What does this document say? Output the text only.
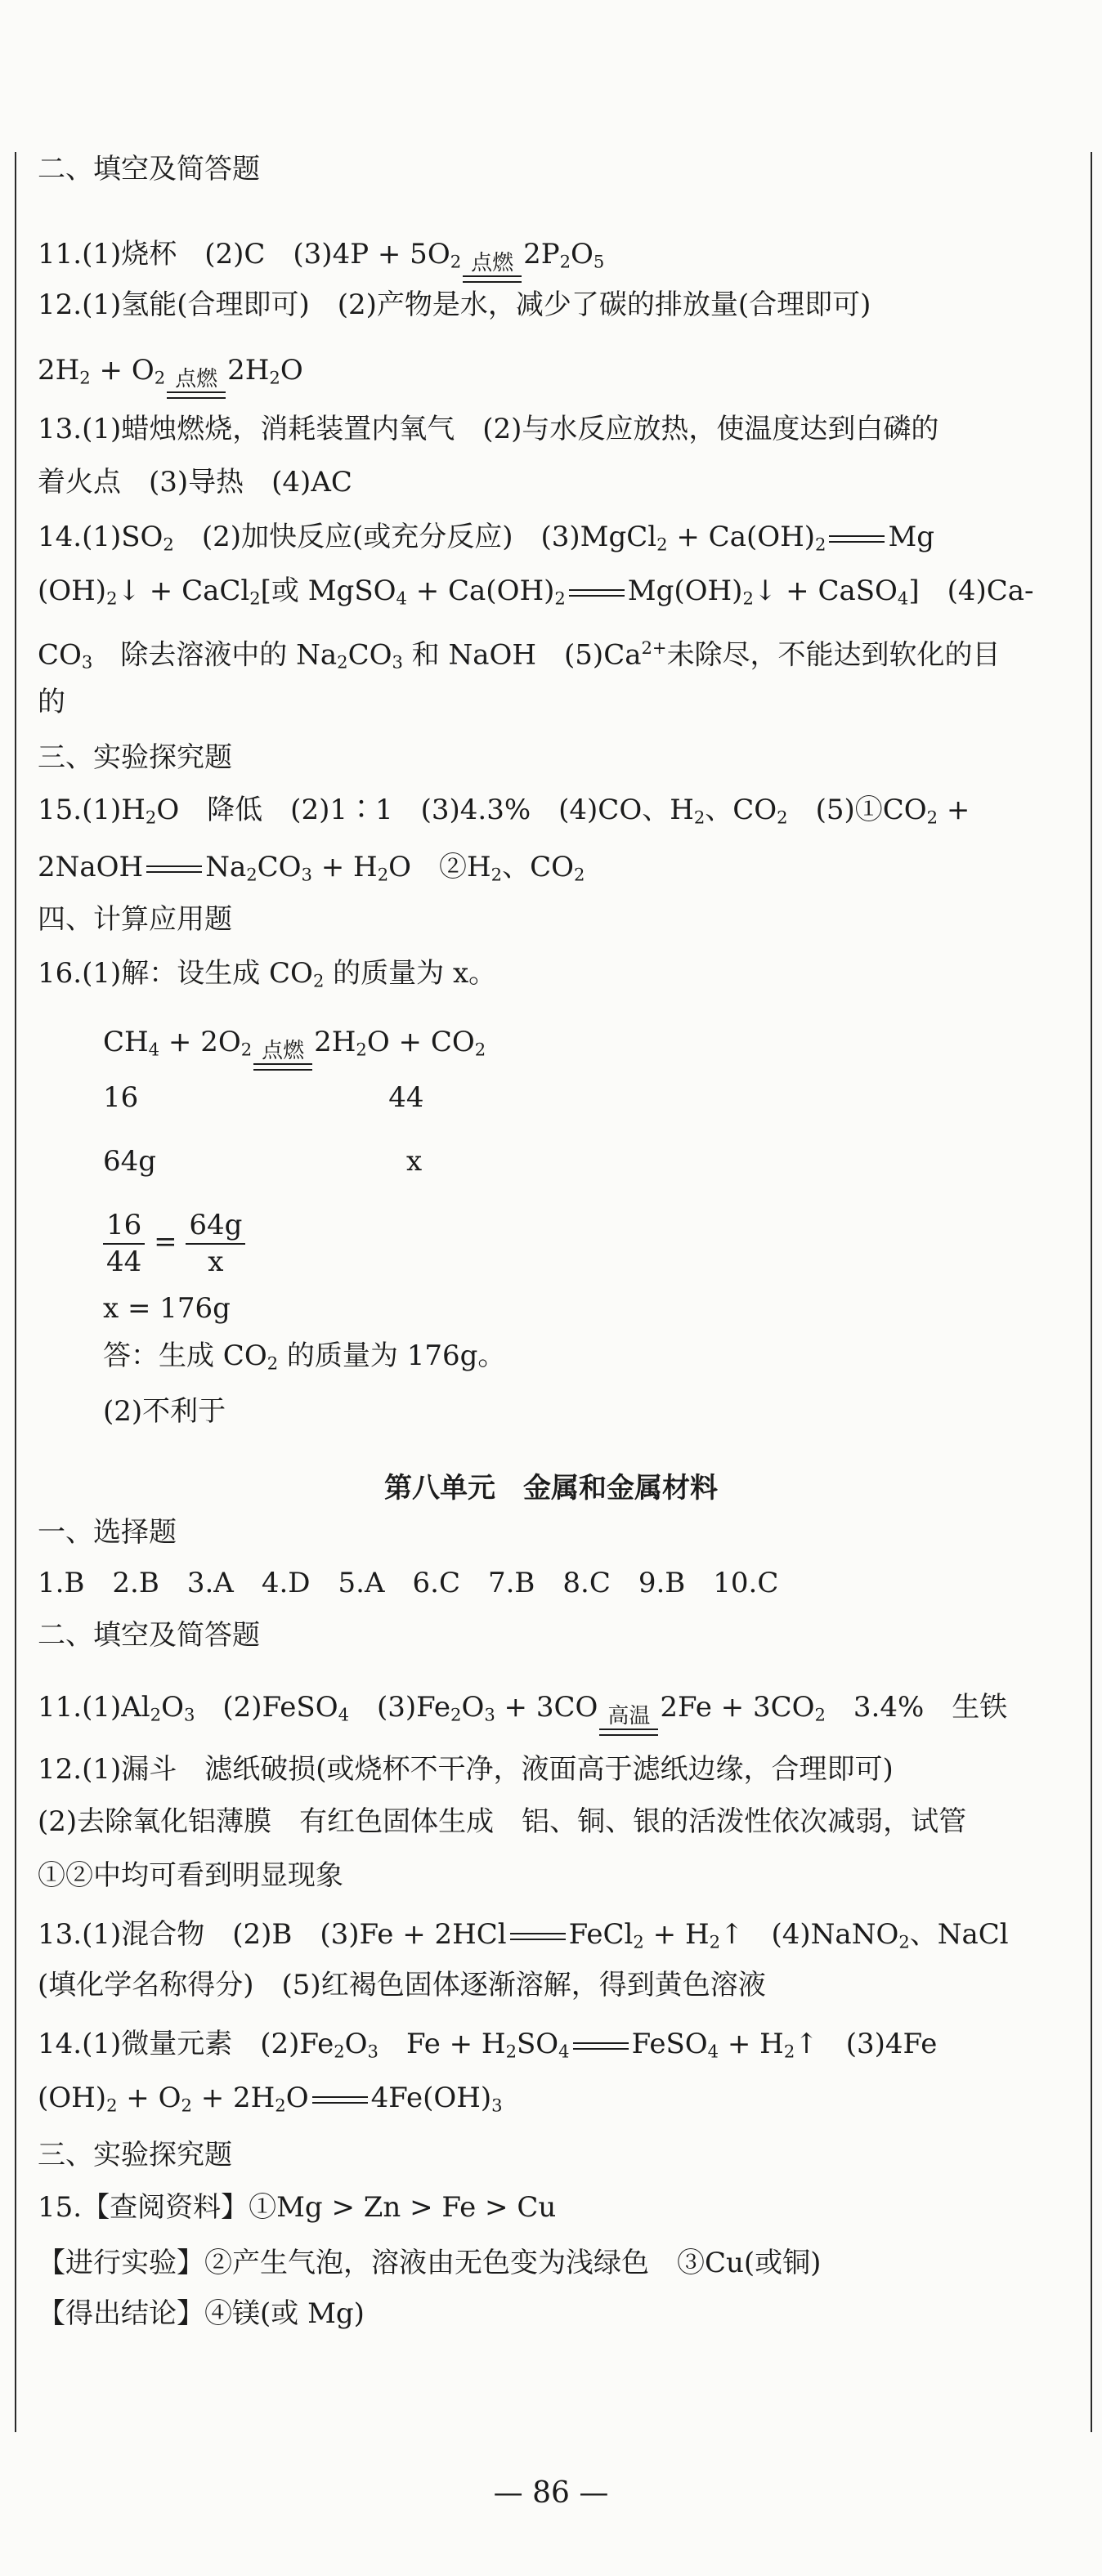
二、填空及简答题
11.(1)烧杯　(2)C　$(3)4P + 5O_2$ 点燃 $2P_2O_5$
12.(1)氢能(合理即可)　(2)产物是水，减少了碳的排放量(合理即可)
$2H_2 + O_2$ 点燃 $2H_2O$
13.(1)蜡烛燃烧，消耗装置内氧气　(2)与水反应放热，使温度达到白磷的
着火点　(3)导热　(4)AC
$14.(1)SO_2$　(2)加快反应(或充分反应)　(3)MgCl$_2$ + $Ca(OH)_2$ Mg
$(OH)_2↓$ + CaCl$_2$[或 MgSO$_4$ + $Ca(OH)_2$ $Mg(OH)_2↓$ + CaSO$_4$]　(4)Ca-
$CO_3$　除去溶液中的 $Na_2CO_3$ 和 NaOH　$(5)Ca^{2+}$未除尽，不能达到软化的目
的
三、实验探究题
$15.(1)H_2O$　降低　(2)1∶1　(3)4.3%　(4)CO、$H_2$、$CO_2$　$(5)①CO_2$ +
2NaOH $Na_2CO_3 + H_2O$　$②H_2$、$CO_2$
四、计算应用题
16.(1)解：设生成 $CO_2$ 的质量为 x。
$CH_4 + 2O_2$ 点燃 $2H_2O + CO_2$
16　　　　　　　　　44
64g　　　　　　　　　x
$\frac{16}{44} = \frac{64g}{x}$
x = 176g
答：生成 $CO_2$ 的质量为 176g。
(2)不利于
一、选择题
1.B　2.B　3.A　4.D　5.A　6.C　7.B　8.C　9.B　10.C
二、填空及简答题
$11.(1)Al_2O_3$　(2)FeSO$_4$　$(3)Fe_2O_3 + 3CO$ 高温 $2Fe + 3CO_2$　3.4%　生铁
12.(1)漏斗　滤纸破损(或烧杯不干净，液面高于滤纸边缘，合理即可)
(2)去除氧化铝薄膜　有红色固体生成　铝、铜、银的活泼性依次减弱，试管
①②中均可看到明显现象
13.(1)混合物　(2)B　(3)Fe + 2HCl FeCl$_2$ + $H_2↑$　(4)NaNO$_2$、NaCl
(填化学名称得分)　(5)红褐色固体逐渐溶解，得到黄色溶液
14.(1)微量元素　$(2)Fe_2O_3$　$Fe + H_2SO_4$ FeSO$_4$ + $H_2↑$　(3)4Fe
$(OH)_2 + O_2 + 2H_2O$ $4Fe(OH)_3$
三、实验探究题
15.【查阅资料】①Mg > Zn > Fe > Cu
【进行实验】②产生气泡，溶液由无色变为浅绿色　③Cu(或铜)
【得出结论】④镁(或 Mg)
第八单元　金属和金属材料
— 86 —
